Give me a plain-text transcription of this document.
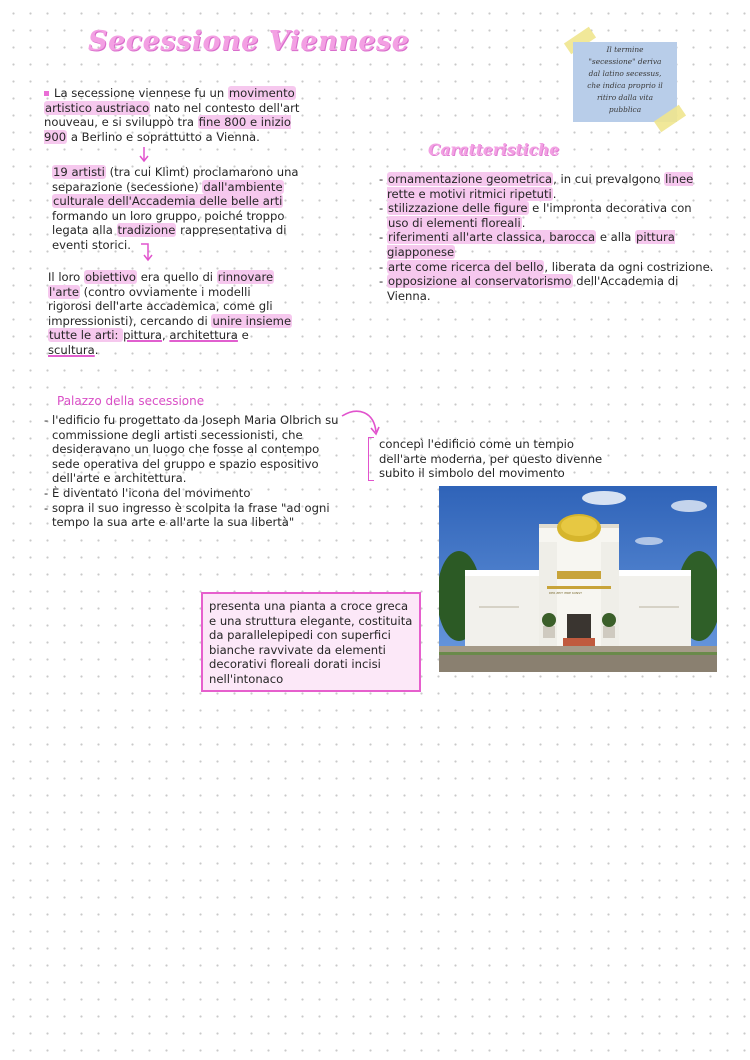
Secessione Viennese	Il termine
"secessione" deriva
dal latino secessus,
che indica proprio il
ritiro dalla vita
pubblica
La secessione viennese fu un movimento artistico austriaco nato nel contesto dell'art nouveau, e si sviluppò tra fine 800 e inizio 900 a Berlino e soprattutto a Vienna.
19 artisti (tra cui Klimt) proclamarono una
separazione (secessione) dall'ambiente
culturale dell'Accademia delle belle arti
formando un loro gruppo, poiché troppo
legata alla tradizione rappresentativa di
eventi storici.
Il loro obiettivo era quello di rinnovare
l'arte (contro ovviamente i modelli
rigorosi dell'arte accademica, come gli
impressionisti), cercando di unire insieme
tutte le arti: pittura, architettura e
scultura.
Caratteristiche
- ornamentazione geometrica, in cui prevalgono linee rette e motivi ritmici ripetuti.
- stilizzazione delle figure e l'impronta decorativa con uso di elementi floreali.
- riferimenti all'arte classica, barocca e alla pittura giapponese
- arte come ricerca del bello, liberata da ogni costrizione.
- opposizione al conservatorismo dell'Accademia di Vienna.
Palazzo della secessione
- l'edificio fu progettato da Joseph Maria Olbrich su commissione degli artisti secessionisti, che desideravano un luogo che fosse al contempo sede operativa del gruppo e spazio espositivo dell'arte e architettura.
- È diventato l'icona del movimento
- sopra il suo ingresso è scolpita la frase "ad ogni tempo la sua arte e all'arte la sua libertà"
concepì l'edificio come un tempio
dell'arte moderna, per questo divenne
subito il simbolo del movimento
DER ZEIT IHRE KUNST
presenta una pianta a croce greca e una struttura elegante, costituita da parallelepipedi con superfici bianche ravvivate da elementi decorativi floreali dorati incisi nell'intonaco
